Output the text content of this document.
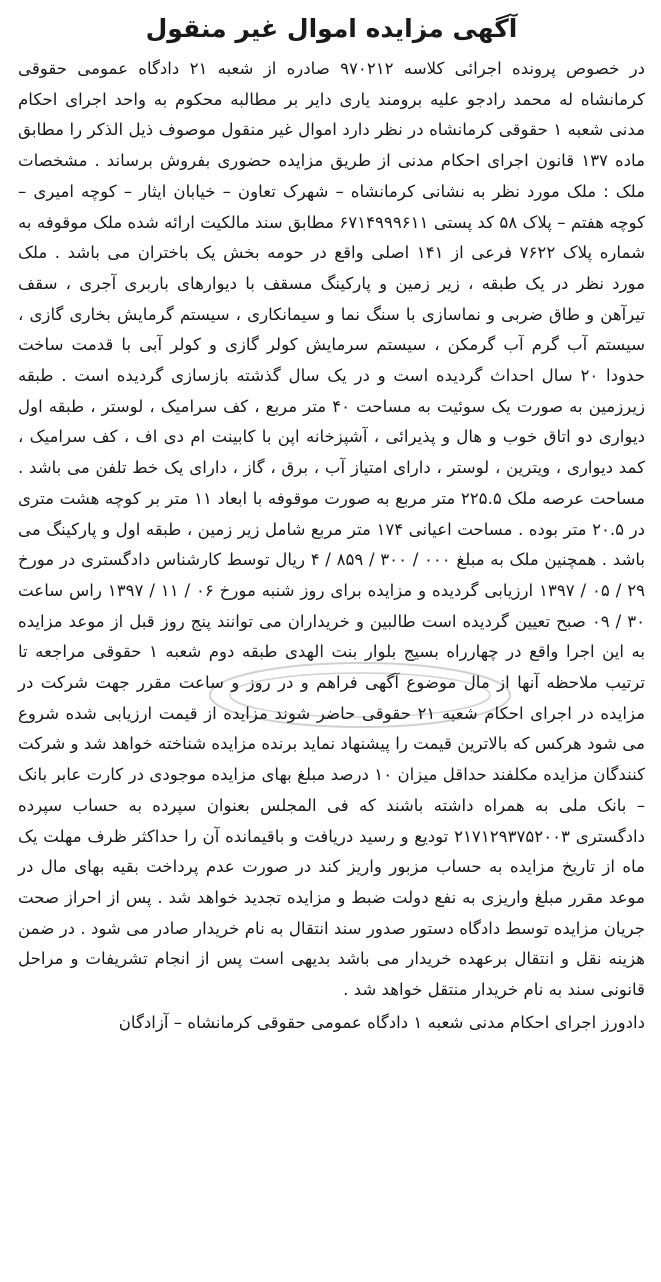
آگهی مزایده اموال غیر منقول

در خصوص پرونده اجرائی کلاسه ۹۷۰۲۱۲ صادره از شعبه ۲۱ دادگاه عمومی حقوقی کرمانشاه له محمد رادجو علیه برومند یاری دایر بر مطالبه محکوم به واحد اجرای احکام مدنی شعبه ۱ حقوقی کرمانشاه در نظر دارد اموال غیر منقول موصوف ذیل الذکر را مطابق ماده ۱۳۷ قانون اجرای احکام مدنی از طریق مزایده حضوری بفروش برساند . مشخصات ملک : ملک مورد نظر به نشانی کرمانشاه – شهرک تعاون – خیابان ایثار – کوچه امیری – کوچه هفتم – پلاک ۵۸ کد پستی ۶۷۱۴۹۹۹۶۱۱ مطابق سند مالکیت ارائه شده ملک موقوفه به شماره پلاک ۷۶۲۲ فرعی از ۱۴۱ اصلی واقع در حومه بخش یک باختران می باشد . ملک مورد نظر در یک طبقه ، زیر زمین و پارکینگ مسقف با دیوارهای باربری آجری ، سقف تیرآهن و طاق ضربی و نماسازی با سنگ نما و سیمانکاری ، سیستم گرمایش بخاری گازی ، سیستم آب گرم آب گرمکن ، سیستم سرمایش کولر گازی و کولر آبی با قدمت ساخت حدودا ۲۰ سال احداث گردیده است و در یک سال گذشته بازسازی گردیده است . طبقه زیرزمین به صورت یک سوئیت به مساحت ۴۰ متر مربع ، کف سرامیک ، لوستر ، طبقه اول دیواری دو اتاق خوب و هال و پذیرائی ، آشپزخانه اپن با کابینت ام دی اف ، کف سرامیک ، کمد دیواری ، ویترین ، لوستر ، دارای امتیاز آب ، برق ، گاز ، دارای یک خط تلفن می باشد . مساحت عرصه ملک ۲۲۵.۵ متر مربع به صورت موقوفه با ابعاد ۱۱ متر بر کوچه هشت متری در ۲۰.۵ متر بوده . مساحت اعیانی ۱۷۴ متر مربع شامل زیر زمین ، طبقه اول و پارکینگ می باشد . همچنین ملک به مبلغ ۰۰۰ / ۳۰۰ / ۸۵۹ / ۴ ریال توسط کارشناس دادگستری در مورخ ۲۹ / ۰۵ / ۱۳۹۷ ارزیابی گردیده و مزایده برای روز شنبه مورخ ۰۶ / ۱۱ / ۱۳۹۷ راس ساعت ۳۰ / ۰۹ صبح تعیین گردیده است طالبین و خریداران می توانند پنج روز قبل از موعد مزایده به این اجرا واقع در چهارراه بسیج بلوار بنت الهدی طبقه دوم شعبه ۱ حقوقی مراجعه تا ترتیب ملاحظه آنها از مال موضوع آگهی فراهم و در روز و ساعت مقرر جهت شرکت در مزایده در اجرای احکام شعبه ۲۱ حقوقی حاضر شوند مزایده از قیمت ارزیابی شده شروع می شود هرکس که بالاترین قیمت را پیشنهاد نماید برنده مزایده شناخته خواهد شد و شرکت کنندگان مزایده مکلفند حداقل میزان ۱۰ درصد مبلغ بهای مزایده موجودی در کارت عابر بانک – بانک ملی به همراه داشته باشند که فی المجلس بعنوان سپرده به حساب سپرده دادگستری ۲۱۷۱۲۹۳۷۵۲۰۰۳ تودیع و رسید دریافت و باقیمانده آن را حداکثر ظرف مهلت یک ماه از تاریخ مزایده به حساب مزبور واریز کند در صورت عدم پرداخت بقیه بهای مال در موعد مقرر مبلغ واریزی به نفع دولت ضبط و مزایده تجدید خواهد شد . پس از احراز صحت جریان مزایده توسط دادگاه دستور صدور سند انتقال به نام خریدار صادر می شود . در ضمن هزینه نقل و انتقال برعهده خریدار می باشد بدیهی است پس از انجام تشریفات و مراحل قانونی سند به نام خریدار منتقل خواهد شد .

دادورز اجرای احکام مدنی شعبه ۱ دادگاه عمومی حقوقی کرمانشاه – آزادگان
